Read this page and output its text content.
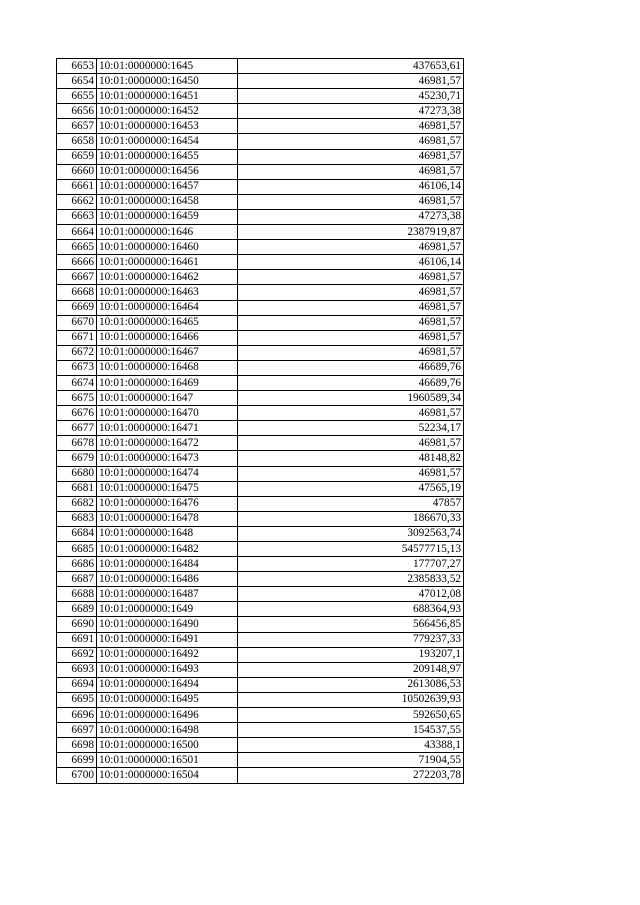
6653	10:01:0000000:1645	437653,61
6654	10:01:0000000:16450	46981,57
6655	10:01:0000000:16451	45230,71
6656	10:01:0000000:16452	47273,38
6657	10:01:0000000:16453	46981,57
6658	10:01:0000000:16454	46981,57
6659	10:01:0000000:16455	46981,57
6660	10:01:0000000:16456	46981,57
6661	10:01:0000000:16457	46106,14
6662	10:01:0000000:16458	46981,57
6663	10:01:0000000:16459	47273,38
6664	10:01:0000000:1646	2387919,87
6665	10:01:0000000:16460	46981,57
6666	10:01:0000000:16461	46106,14
6667	10:01:0000000:16462	46981,57
6668	10:01:0000000:16463	46981,57
6669	10:01:0000000:16464	46981,57
6670	10:01:0000000:16465	46981,57
6671	10:01:0000000:16466	46981,57
6672	10:01:0000000:16467	46981,57
6673	10:01:0000000:16468	46689,76
6674	10:01:0000000:16469	46689,76
6675	10:01:0000000:1647	1960589,34
6676	10:01:0000000:16470	46981,57
6677	10:01:0000000:16471	52234,17
6678	10:01:0000000:16472	46981,57
6679	10:01:0000000:16473	48148,82
6680	10:01:0000000:16474	46981,57
6681	10:01:0000000:16475	47565,19
6682	10:01:0000000:16476	47857
6683	10:01:0000000:16478	186670,33
6684	10:01:0000000:1648	3092563,74
6685	10:01:0000000:16482	54577715,13
6686	10:01:0000000:16484	177707,27
6687	10:01:0000000:16486	2385833,52
6688	10:01:0000000:16487	47012,08
6689	10:01:0000000:1649	688364,93
6690	10:01:0000000:16490	566456,85
6691	10:01:0000000:16491	779237,33
6692	10:01:0000000:16492	193207,1
6693	10:01:0000000:16493	209148,97
6694	10:01:0000000:16494	2613086,53
6695	10:01:0000000:16495	10502639,93
6696	10:01:0000000:16496	592650,65
6697	10:01:0000000:16498	154537,55
6698	10:01:0000000:16500	43388,1
6699	10:01:0000000:16501	71904,55
6700	10:01:0000000:16504	272203,78
